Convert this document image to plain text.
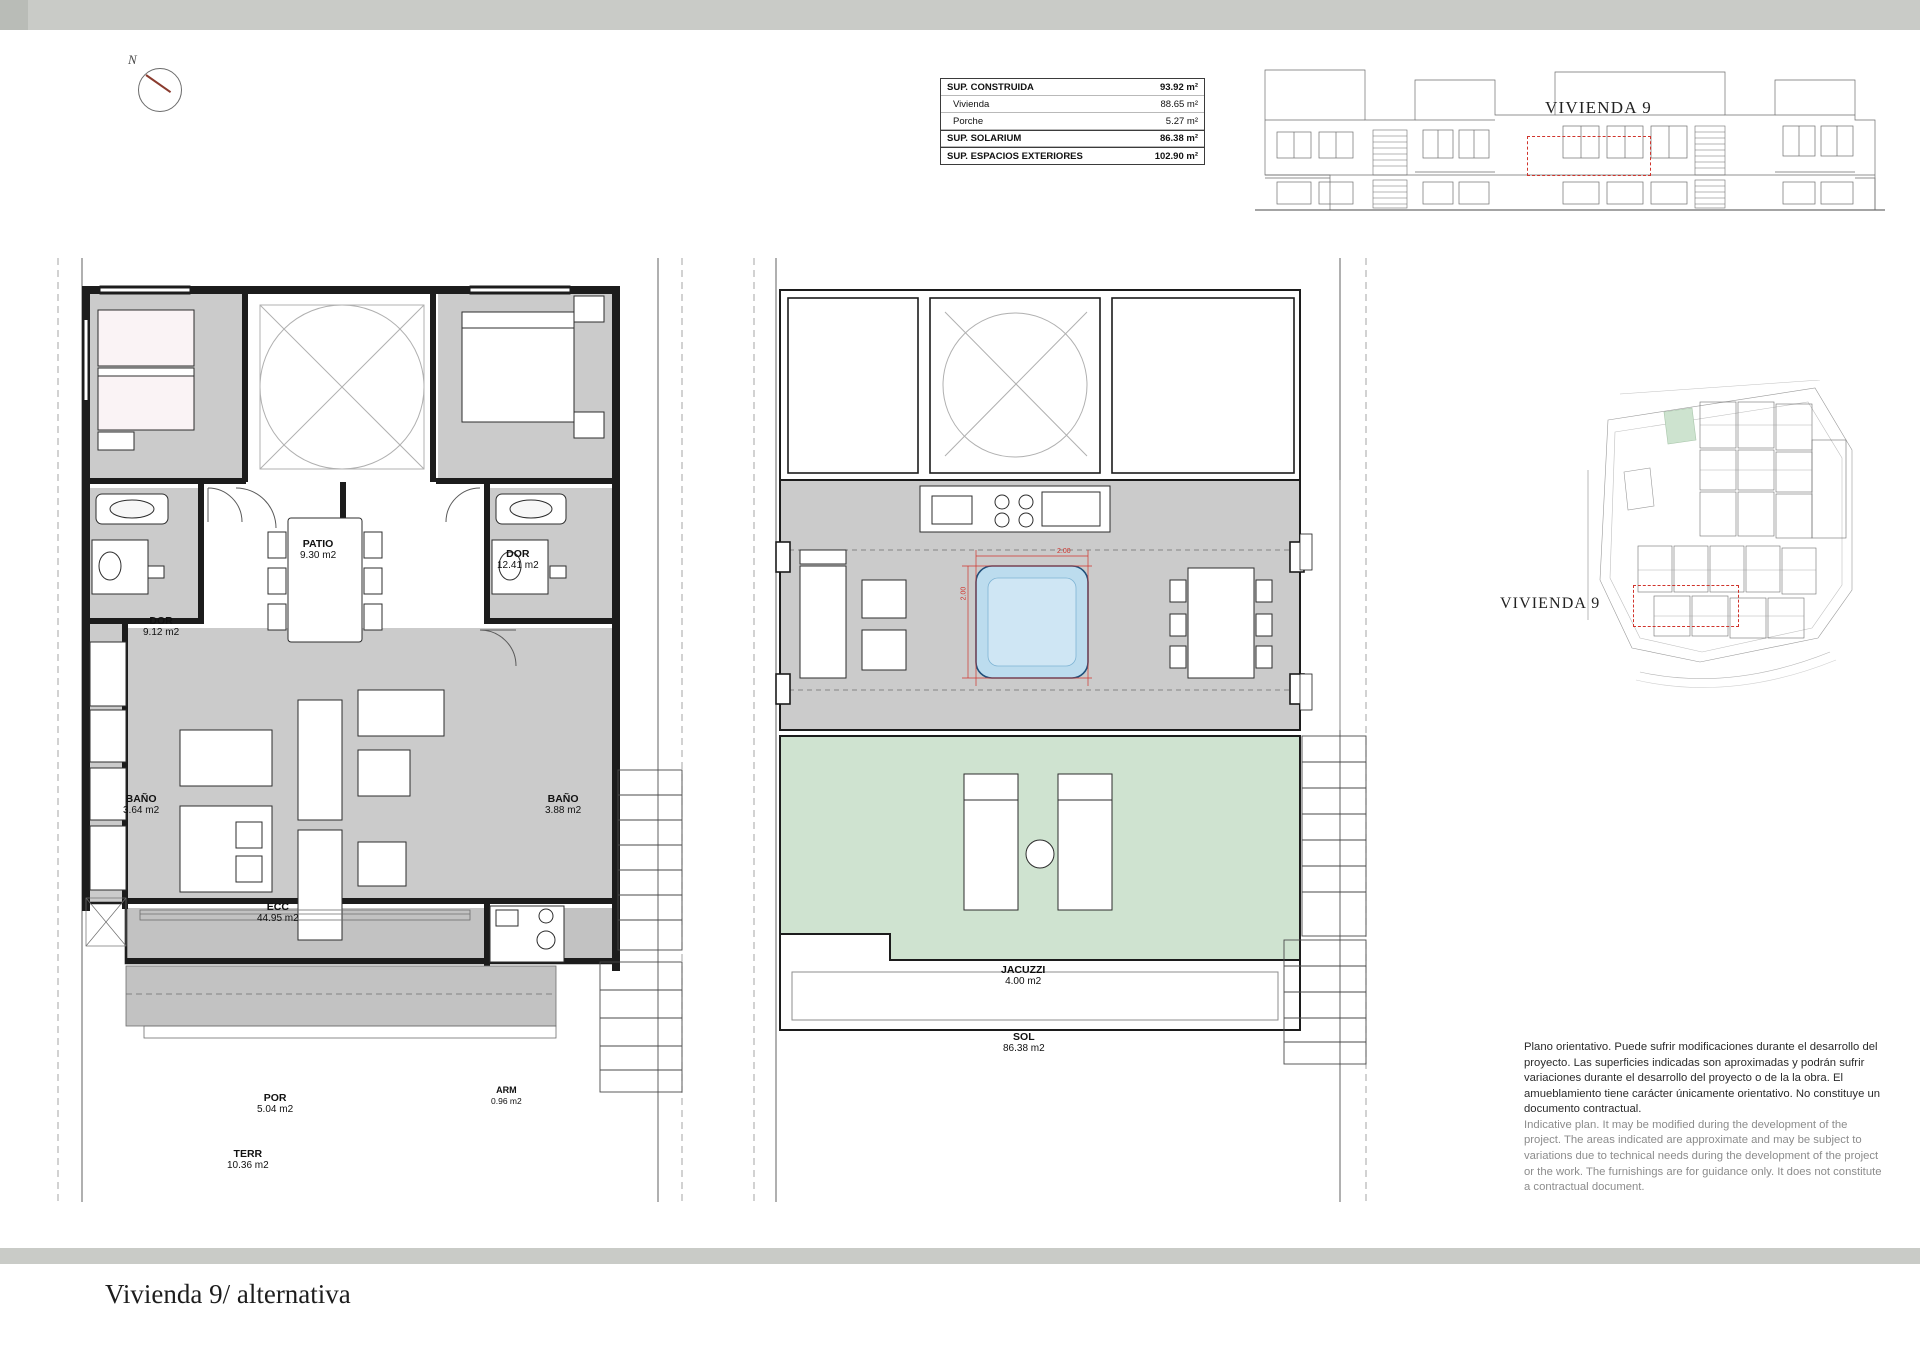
N
SUP. CONSTRUIDA	93.92 m²
Vivienda	88.65 m²
Porche	5.27 m²
SUP. SOLARIUM	86.38 m²
SUP. ESPACIOS EXTERIORES	102.90 m²
VIVIENDA 9
VIVIENDA 9
PATIO
9.30 m2	DOR
12.41 m2
DOR
9.12 m2
BAÑO
3.64 m2
BAÑO
3.88 m2
ECC
44.95 m2
POR
5.04 m2
ARM
0.96 m2
TERR
10.36 m2
JACUZZI
4.00 m2
2.00
2.00
SOL
86.38 m2	Plano orientativo. Puede sufrir modificaciones durante el desarrollo del proyecto. Las superficies indicadas son aproximadas y podrán sufrir variaciones durante el desarrollo del proyecto o de la la obra. El amueblamiento tiene carácter únicamente orientativo. No constituye un documento contractual.
Indicative plan. It may be modified during the development of the project. The areas indicated are approximate and may be subject to variations due to technical needs during the development of the project or the work. The furnishings are for guidance only. It does not constitute a contractual document.
Vivienda 9/ alternativa
